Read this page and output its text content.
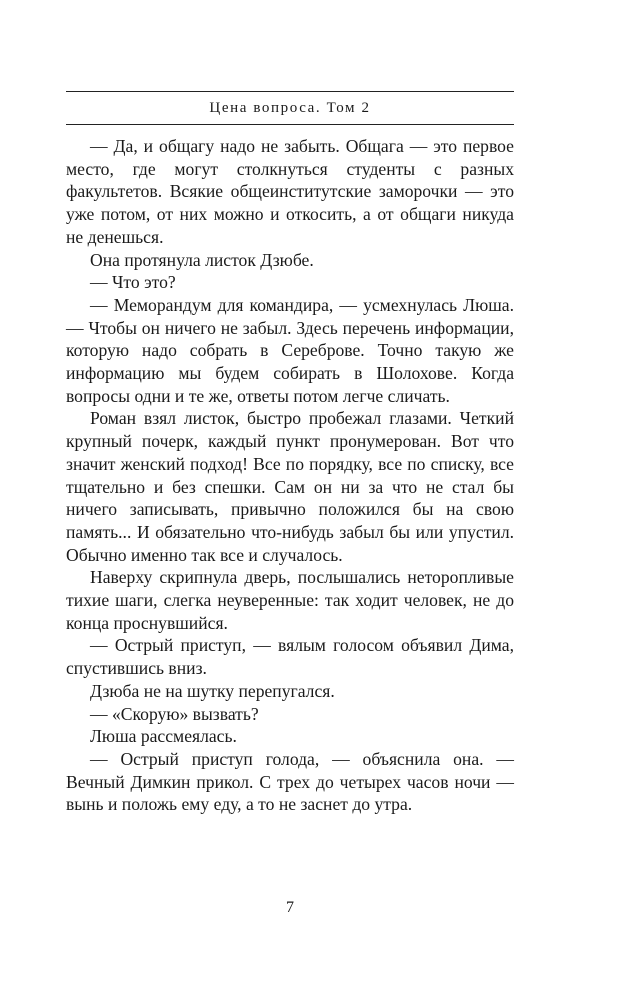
Цена вопроса. Том 2

— Да, и общагу надо не забыть. Общага — это первое место, где могут столкнуться студенты с разных факультетов. Всякие общеинститутские заморочки — это уже потом, от них можно и откосить, а от общаги никуда не денешься.

Она протянула листок Дзюбе.

— Что это?

— Меморандум для командира, — усмехнулась Люша. — Чтобы он ничего не забыл. Здесь перечень информации, которую надо собрать в Сереброве. Точно такую же информацию мы будем собирать в Шолохове. Когда вопросы одни и те же, ответы потом легче сличать.

Роман взял листок, быстро пробежал глазами. Четкий крупный почерк, каждый пункт пронумерован. Вот что значит женский подход! Все по порядку, все по списку, все тщательно и без спешки. Сам он ни за что не стал бы ничего записывать, привычно положился бы на свою память... И обязательно что-нибудь забыл бы или упустил. Обычно именно так все и случалось.

Наверху скрипнула дверь, послышались неторопливые тихие шаги, слегка неуверенные: так ходит человек, не до конца проснувшийся.

— Острый приступ, — вялым голосом объявил Дима, спустившись вниз.

Дзюба не на шутку перепугался.

— «Скорую» вызвать?

Люша рассмеялась.

— Острый приступ голода, — объяснила она. — Вечный Димкин прикол. С трех до четырех часов ночи — вынь и положь ему еду, а то не заснет до утра.

7
